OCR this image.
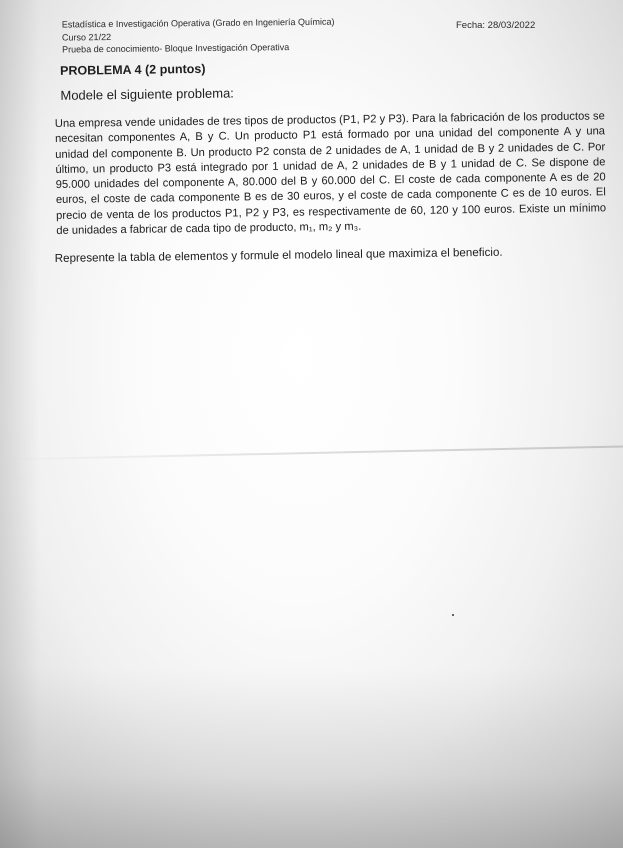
Estadística e Investigación Operativa (Grado en Ingeniería Química)
Curso 21/22
Prueba de conocimiento- Bloque Investigación Operativa
Fecha: 28/03/2022
PROBLEMA 4 (2 puntos)
Modele el siguiente problema:

Una empresa vende unidades de tres tipos de productos (P1, P2 y P3). Para la fabricación de los productos se necesitan componentes A, B y C. Un producto P1 está formado por una unidad del componente A y una unidad del componente B. Un producto P2 consta de 2 unidades de A, 1 unidad de B y 2 unidades de C. Por último, un producto P3 está integrado por 1 unidad de A, 2 unidades de B y 1 unidad de C. Se dispone de 95.000 unidades del componente A, 80.000 del B y 60.000 del C. El coste de cada componente A es de 20 euros, el coste de cada componente B es de 30 euros, y el coste de cada componente C es de 10 euros. El precio de venta de los productos P1, P2 y P3, es respectivamente de 60, 120 y 100 euros. Existe un mínimo de unidades a fabricar de cada tipo de producto, m₁, m₂ y m₃.

Represente la tabla de elementos y formule el modelo lineal que maximiza el beneficio.
